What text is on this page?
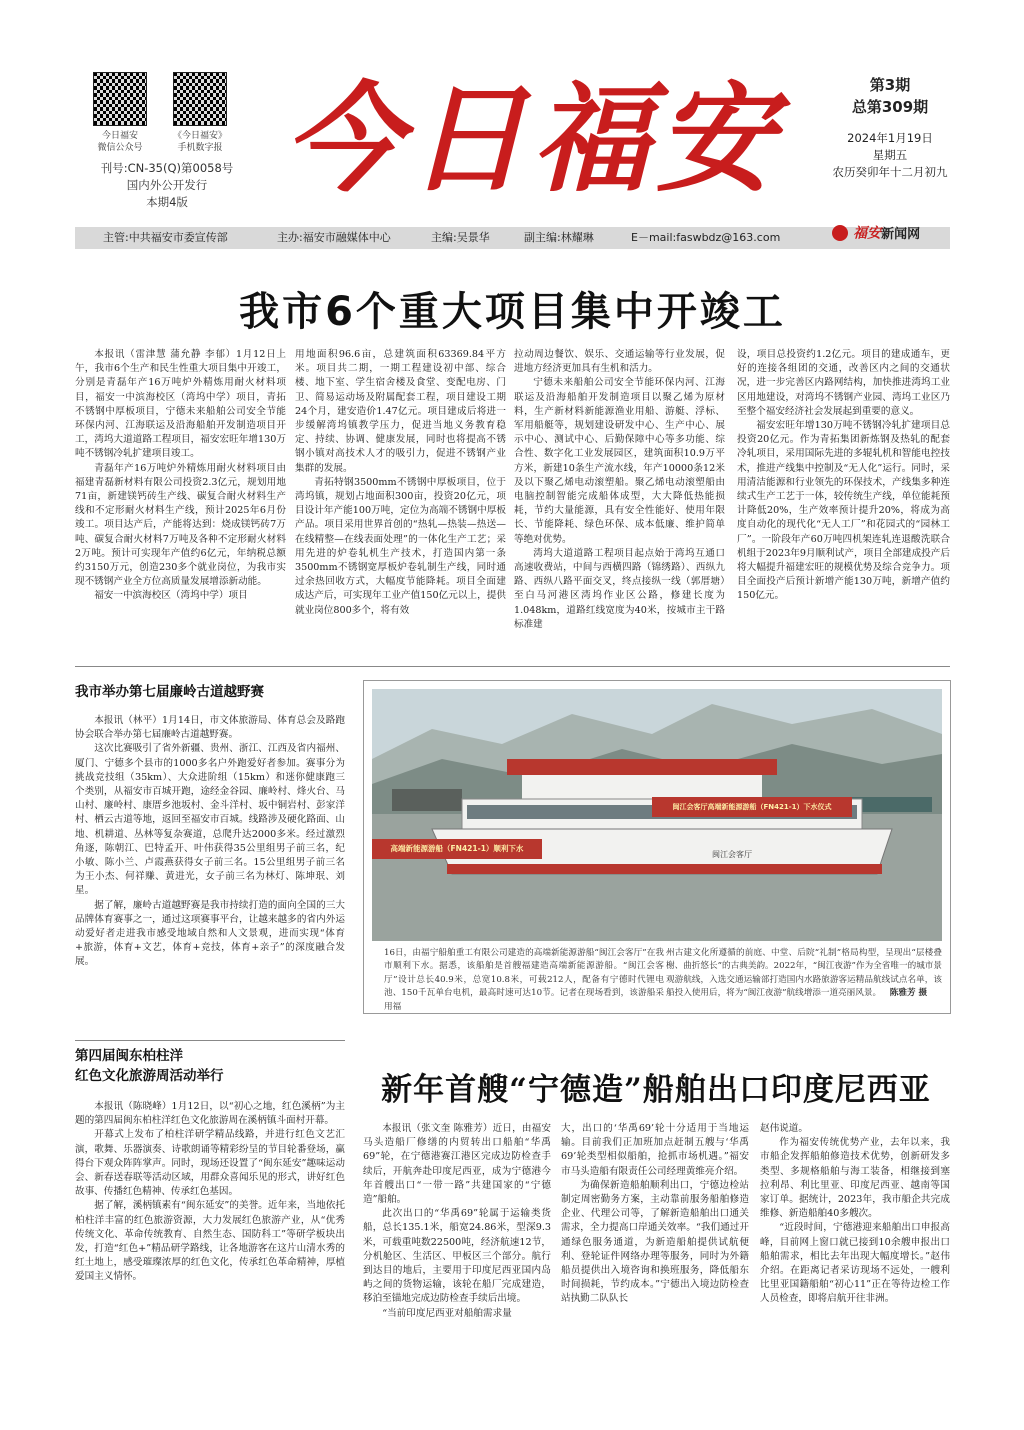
今日福安
微信公众号
《今日福安》
手机数字报
刊号:CN-35(Q)第0058号
国内外公开发行
本期4版 今日福安	第3期
总第309期
2024年1月19日
星期五
农历癸卯年十二月初九
主管:中共福安市委宣传部	主办:福安市融媒体中心	主编:吴景华	副主编:林耀琳	E－mail:faswbdz@163.com	福安新闻网
我市6个重大项目集中开竣工

本报讯（雷津慧 蒲允静 李郁）1月12日上午，我市6个生产和民生性重大项目集中开竣工，分别是青磊年产16万吨炉外精炼用耐火材料项目，福安一中滨海校区（湾坞中学）项目，青拓不锈钢中厚板项目，宁德未来船舶公司安全节能环保内河、江海联运及沿海船舶开发制造项目开工，湾坞大道道路工程项目，福安宏旺年增130万吨不锈钢冷轧扩建项目竣工。

青磊年产16万吨炉外精炼用耐火材料项目由福建青磊新材料有限公司投资2.3亿元，规划用地71亩，新建镁钙砖生产线、碳复合耐火材料生产线和不定形耐火材料生产线，预计2025年6月份竣工。项目达产后，产能将达到：烧成镁钙砖7万吨、碳复合耐火材料7万吨及各种不定形耐火材料2万吨。预计可实现年产值约6亿元，年纳税总额约3150万元，创造230多个就业岗位，为我市实现不锈钢产业全方位高质量发展增添新动能。

福安一中滨海校区（湾坞中学）项目

用地面积96.6亩，总建筑面积63369.84平方米。项目共二期，一期工程建设初中部、综合楼、地下室、学生宿舍楼及食堂、变配电房、门卫、简易运动场及附属配套工程，项目建设工期24个月，建安造价1.47亿元。项目建成后将进一步缓解湾坞镇教学压力，促进当地义务教育稳定、持续、协调、健康发展，同时也将提高不锈钢小镇对高技术人才的吸引力，促进不锈钢产业集群的发展。

青拓特钢3500mm不锈钢中厚板项目，位于湾坞镇，规划占地面积300亩，投资20亿元，项目设计年产能100万吨，定位为高端不锈钢中厚板产品。项目采用世界首创的“热轧—热装—热送—在线精整—在线表面处理”的一体化生产工艺；采用先进的炉卷轧机生产技术，打造国内第一条3500mm不锈钢宽厚板炉卷轧制生产线，同时通过余热回收方式，大幅度节能降耗。项目全面建成达产后，可实现年工业产值150亿元以上，提供就业岗位800多个，将有效

拉动周边餐饮、娱乐、交通运输等行业发展，促进地方经济更加具有生机和活力。

宁德未来船舶公司安全节能环保内河、江海联运及沿海船舶开发制造项目以聚乙烯为原材料，生产新材料新能源渔业用船、游艇、浮标、军用船艇等，规划建设研发中心、生产中心、展示中心、测试中心、后勤保障中心等多功能、综合性、数字化工业发展园区，建筑面积10.9万平方米，新建10条生产流水线，年产10000条12米及以下聚乙烯电动滚塑船。聚乙烯电动滚塑船由电脑控制智能完成船体成型，大大降低热能损耗，节约大量能源，具有安全性能好、使用年限长、节能降耗、绿色环保、成本低廉、维护简单等绝对优势。

湾坞大道道路工程项目起点始于湾坞互通口高速收费站，中间与西横四路（锦绣路）、西纵九路、西纵八路平面交叉，终点接纵一线（郭厝塘）至白马河港区湾坞作业区公路，修建长度为1.048km，道路红线宽度为40米，按城市主干路标准建

设，项目总投资约1.2亿元。项目的建成通车，更好的连接各组团的交通，改善区内之间的交通状况，进一步完善区内路网结构，加快推进湾坞工业区用地建设，对湾坞不锈钢产业园、湾坞工业区乃至整个福安经济社会发展起到重要的意义。

福安宏旺年增130万吨不锈钢冷轧扩建项目总投资20亿元。作为青拓集团新炼钢及热轧的配套冷轧项目，采用国际先进的多辊轧机和智能电控技术，推进产线集中控制及“无人化”运行。同时，采用清洁能源和行业领先的环保技术，产线集多种连续式生产工艺于一体，较传统生产线，单位能耗预计降低20%，生产效率预计提升20%，将成为高度自动化的现代化“无人工厂”和花园式的“园林工厂”。一阶段年产60万吨四机架连轧连退酸洗联合机组于2023年9月顺利试产，项目全部建成投产后将大幅提升福建宏旺的规模优势及综合竞争力。项目全面投产后预计新增产能130万吨，新增产值约150亿元。

我市举办第七届廉岭古道越野赛

本报讯（林平）1月14日，市文体旅游局、体育总会及路跑协会联合举办第七届廉岭古道越野赛。

这次比赛吸引了省外新疆、贵州、浙江、江西及省内福州、厦门、宁德多个县市的1000多名户外跑爱好者参加。赛事分为挑战竞技组（35km）、大众进阶组（15km）和迷你健康跑三个类别，从福安市百城开跑，途经金谷园、廉岭村、烽火台、马山村、廉岭村、康厝乡池坂村、金斗洋村、坂中铜岩村、彭家洋村、栖云古道等地，返回至福安市百城。线路涉及硬化路面、山地、机耕道、丛林等复杂赛道，总爬升达2000多米。经过激烈角逐，陈朝江、巴特孟开、叶伟获得35公里组男子前三名，纪小敏、陈小兰、卢霞燕获得女子前三名。15公里组男子前三名为王小杰、何祥赚、黄进光，女子前三名为林灯、陈坤珉、刘星。

据了解，廉岭古道越野赛是我市持续打造的面向全国的三大品牌体育赛事之一，通过这项赛事平台，让越来越多的省内外运动爱好者走进我市感受地域自然和人文景观，进而实现“体育+旅游，体育+文艺，体育+竞技，体育+亲子”的深度融合发展。

第四届闽东柏柱洋
红色文化旅游周活动举行

本报讯（陈晓峰）1月12日，以“初心之地，红色溪柄”为主题的第四届闽东柏柱洋红色文化旅游周在溪柄镇斗面村开幕。

开幕式上发布了柏柱洋研学精品线路，并进行红色文艺汇演，歌舞、乐器演奏、诗歌朗诵等精彩纷呈的节目轮番登场，赢得台下观众阵阵掌声。同时，现场还设置了“闽东延安”趣味运动会、新春送春联等活动区域，用群众喜闻乐见的形式，讲好红色故事、传播红色精神、传承红色基因。

据了解，溪柄镇素有“闽东延安”的美誉。近年来，当地依托柏柱洋丰富的红色旅游资源，大力发展红色旅游产业，从“优秀传统文化、革命传统教育、自然生态、国防科工”等研学板块出发，打造“红色+”精品研学路线，让各地游客在这片山清水秀的红土地上，感受璀璨浓厚的红色文化，传承红色革命精神，厚植爱国主义情怀。

闽江会客厅高端新能源游船（FN421-1）下水仪式
高端新能源游船（FN421-1）顺利下水
闽江会客厅
16日，由福宁船舶重工有限公司建造的高端新能源游船“闽江会客厅”在我市顺利下水。据悉，该船舶是首艘福建造高端新能源游船。“闽江会客厅”设计总长40.9米，总宽10.8米，可载212人，配备有宁德时代锂电池、150千瓦单台电机，最高时速可达10节。记者在现场看到，该游船采用福
州古建文化所遵循的前庭、中堂、后院“礼制”格局构型，呈现出“层楼叠榭、曲折悠长”的古典美韵。2022年，“闽江夜游”作为全省唯一的城市景观游航线，入选交通运输部打造国内水路旅游客运精品航线试点名单，该船投入使用后，将为“闽江夜游”航线增添一道亮丽风景。 陈雅芳 摄
新年首艘“宁德造”船舶出口印度尼西亚

本报讯（张文奎 陈雅芳）近日，由福安马头造船厂修缮的内贸转出口船舶“华禹69”轮，在宁德港赛江港区完成边防检查手续后，开航奔赴印度尼西亚，成为宁德港今年首艘出口“一带一路”共建国家的“宁德造”船舶。

此次出口的“华禹69”轮属于运输类货船，总长135.1米，船宽24.86米，型深9.3米，可载重吨数22500吨，经济航速12节，分机舱区、生活区、甲板区三个部分。航行到达目的地后，主要用于印度尼西亚国内岛屿之间的货物运输，该轮在船厂完成建造，移泊至锚地完成边防检查手续后出境。

“当前印度尼西亚对船舶需求量

大，出口的‘华禹69’轮十分适用于当地运输。目前我们正加班加点赶制五艘与‘华禹69’轮类型相似船舶，抢抓市场机遇。”福安市马头造船有限责任公司经理黄维亮介绍。

为确保新造船舶顺利出口，宁德边检站制定周密勤务方案，主动靠前服务船舶修造企业、代理公司等，了解新造船舶出口通关需求，全力提高口岸通关效率。“我们通过开通绿色服务通道，为新造船舶提供试航便利、登轮证件网络办理等服务，同时为外籍船员提供出入境咨询和换班服务，降低船东时间损耗，节约成本。”宁德出入境边防检查站执勤二队队长

赵伟说道。

作为福安传统优势产业，去年以来，我市船企发挥船舶修造技术优势，创新研发多类型、多规格船舶与海工装备，相继接到塞拉利昂、利比里亚、印度尼西亚、越南等国家订单。据统计，2023年，我市船企共完成维修、新造船舶40多艘次。

“近段时间，宁德港迎来船舶出口申报高峰，目前网上窗口就已接到10余艘申报出口船舶需求，相比去年出现大幅度增长。”赵伟介绍。在距离记者采访现场不远处，一艘利比里亚国籍船舶“初心11”正在等待边检工作人员检查，即将启航开往非洲。
